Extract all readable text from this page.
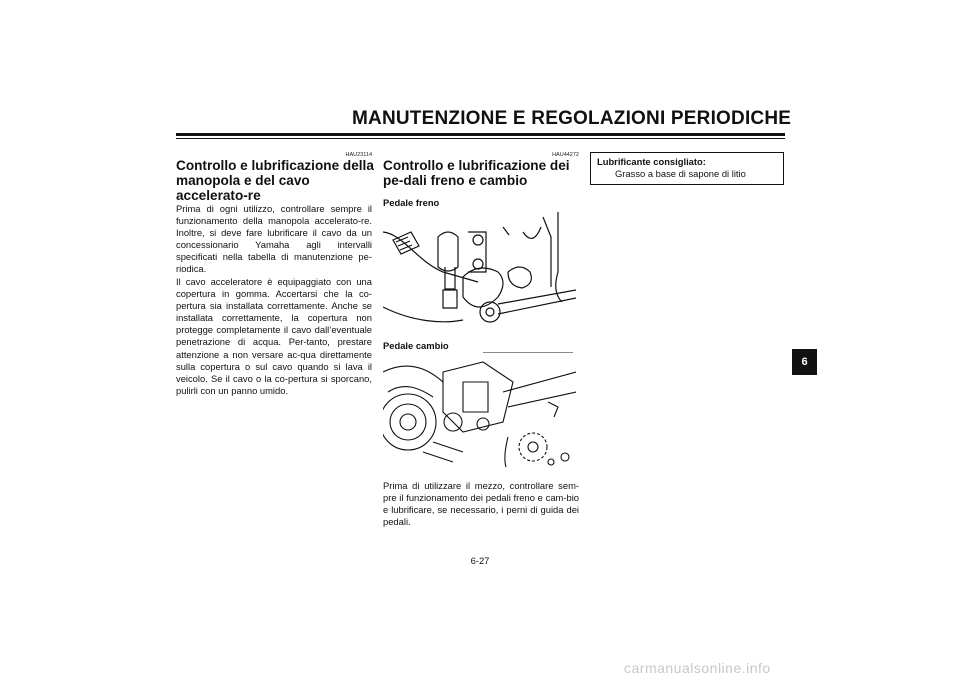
MANUTENZIONE E REGOLAZIONI PERIODICHE
HAU23114
Controllo e lubrificazione della manopola e del cavo accelerato-re
Prima di ogni utilizzo, controllare sempre il funzionamento della manopola accelerato-re. Inoltre, si deve fare lubrificare il cavo da un concessionario Yamaha agli intervalli specificati nella tabella di manutenzione pe-riodica.
Il cavo acceleratore è equipaggiato con una copertura in gomma. Accertarsi che la co-pertura sia installata correttamente. Anche se installata correttamente, la copertura non protegge completamente il cavo dall’eventuale penetrazione di acqua. Per-tanto, prestare attenzione a non versare ac-qua direttamente sulla copertura o sul cavo quando si lava il veicolo. Se il cavo o la co-pertura si sporcano, pulirli con un panno umido.
HAU44272
Controllo e lubrificazione dei pe-dali freno e cambio
Pedale freno
Pedale cambio
Prima di utilizzare il mezzo, controllare sem-pre il funzionamento dei pedali freno e cam-bio e lubrificare, se necessario, i perni di guida dei pedali.
Lubrificante consigliato:
Grasso a base di sapone di litio
6
6-27
carmanualsonline.info
